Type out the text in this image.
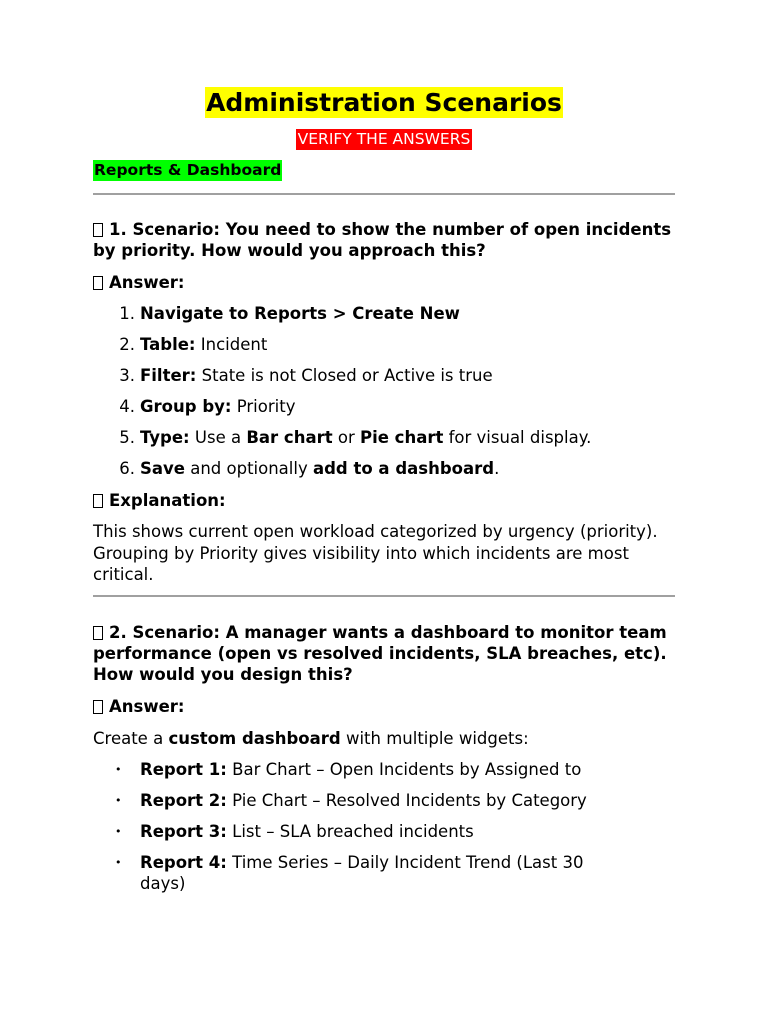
Administration Scenarios
VERIFY THE ANSWERS
Reports & Dashboard
1. Scenario: You need to show the number of open incidents by priority. How would you approach this?
Answer:
1. Navigate to Reports > Create New
2. Table: Incident
3. Filter: State is not Closed or Active is true
4. Group by: Priority
5. Type: Use a Bar chart or Pie chart for visual display.
6. Save and optionally add to a dashboard.
Explanation:
This shows current open workload categorized by urgency (priority). Grouping by Priority gives visibility into which incidents are most critical.
2. Scenario: A manager wants a dashboard to monitor team performance (open vs resolved incidents, SLA breaches, etc). How would you design this?
Answer:
Create a custom dashboard with multiple widgets:
•	Report 1: Bar Chart – Open Incidents by Assigned to
•	Report 2: Pie Chart – Resolved Incidents by Category
•	Report 3: List – SLA breached incidents
•	Report 4: Time Series – Daily Incident Trend (Last 30 days)
